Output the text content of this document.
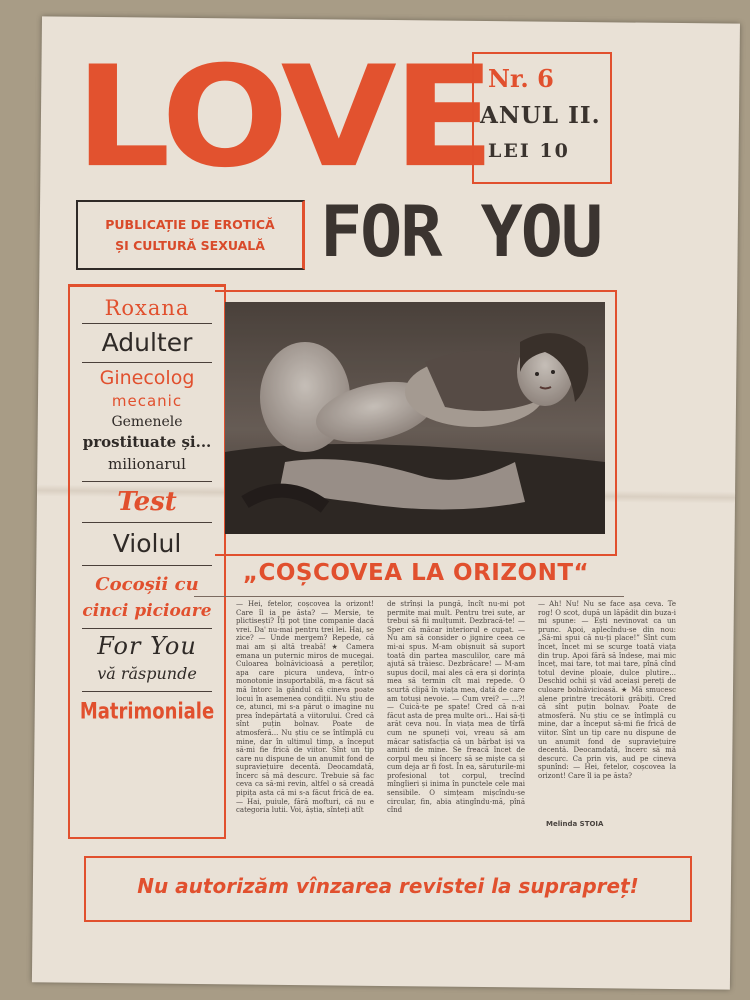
LOVE
Nr. 6
ANUL II.
LEI 10
PUBLICAȚIE DE EROTICĂ
ȘI CULTURĂ SEXUALĂ FOR YOU
Roxana
Adulter
Ginecolog
mecanic
Gemenele
prostituate și...
milionarul
Test
Violul
Cocoșii cu
cinci picioare
For You
vă răspunde
Matrimoniale
„COȘCOVEA LA ORIZONT“
— Hei, fetelor, coșcovea la orizont! Care îl ia pe ăsta? — Mersie, te plictisești? Îți pot ține companie dacă vrei. Da' nu-mai pentru trei lei. Hai, se zice? — Unde mergem? Repede, că mai am și altă treabă! ★ Camera emana un puternic miros de mucegai. Culoarea bolnăvicioasă a pereților, apa care picura undeva, într-o monotonie insuportabilă, m-a făcut să mă întorc la gândul că cineva poate locui în asemenea condiții. Nu știu de ce, atunci, mi s-a părut o imagine nu prea îndepărtată a viitorului. Cred că sînt puțin bolnav. Poate de atmosferă... Nu știu ce se întîmplă cu mine, dar în ultimul timp, a început să-mi fie frică de viitor. Sînt un tip care nu dispune de un anumit fond de supraviețuire decentă. Deocamdată, încerc să mă descurc. Trebuie să fac ceva ca să-mi revin, altfel o să creadă pipița asta că mi s-a făcut frică de ea. — Hai, puiule, fără mofturi, că nu e categoria lutii. Voi, ăștia, sînteți atît
de strînși la pungă, încît nu-mi pot permite mai mult. Pentru trei sute, ar trebui să fii mulțumit. Dezbracă-te! — Sper că măcar interiorul e cupat. — Nu am să consider o jignire ceea ce mi-ai spus. M-am obișnuit să suport toată din partea masculilor, care mă ajută să trăiesc. Dezbrăcare! — M-am supus docil, mai ales că era și dorința mea să termin cît mai repede. O scurtă clipă în viața mea, dată de care am totuși nevoie. — Cum vrei? — ...?! — Cuică-te pe spate! Cred că n-ai făcut asta de prea multe ori... Hai să-ți arăt ceva nou. În viața mea de tîrfă cum ne spuneți voi, vreau să am măcar satisfacția că un bărbat iși va aminti de mine. Se freacă încet de corpul meu și încerc să se miște ca și cum deja ar fi fost. În ea, săruturile-mi profesional tot corpul, trecînd mîngîieri și inima în punctele cele mai sensibile. O simțeam mișcîndu-se circular, fin, abia atingîndu-mă, pînă cînd
— Ah! Nu! Nu se face așa ceva. Te rog! O scot, după un lăpădit din buza-i mi spune: — Ești nevinovat ca un prunc. Apoi, aplecîndu-se din nou: „Să-mi spui că nu-ți place!” Sînt cum încet, încet mi se scurge toată viața din trup. Apoi fără să îndese, mai mic înceț, mai tare, tot mai tare, pînă cînd totul devine ploaie, dulce plutire... Deschid ochii și văd aceiași pereți de culoare bolnăvicioasă. ★ Mă smucesc alene printre trecătorii grăbiți. Cred că sînt puțin bolnav. Poate de atmosferă. Nu știu ce se întîmplă cu mine, dar a început să-mi fie frică de viitor. Sînt un tip care nu dispune de un anumit fond de supraviețuire decentă. Deocamdată, încerc să mă descurc. Ca prin vis, aud pe cineva spunînd: — Hei, fetelor, coșcovea la orizont! Care îl ia pe ăsta?
Melinda STOIA
Nu autorizăm vînzarea revistei la suprapreț!
